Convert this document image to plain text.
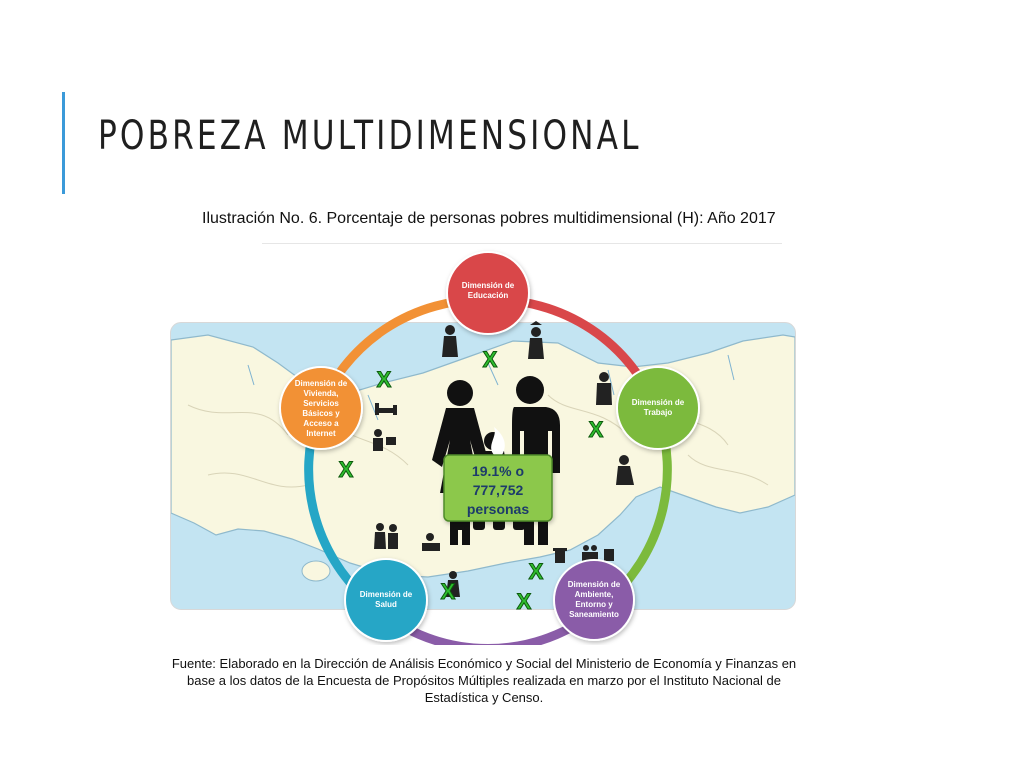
POBREZA MULTIDIMENSIONAL

Ilustración No. 6. Porcentaje de personas pobres multidimensional (H): Año 2017

19.1% o
777,752
personas
X
X
X
X
X
X	X
Dimensión de
Educación
Dimensión de
Trabajo
Dimensión de
Ambiente,
Entorno y
Saneamiento
Dimensión de
Salud
Dimensión de
Vivienda,
Servicios
Básicos y
Acceso a
Internet

Fuente: Elaborado en la Dirección de Análisis Económico y Social del Ministerio de Economía y Finanzas en base a los datos de la Encuesta de Propósitos Múltiples realizada en marzo por el Instituto Nacional de Estadística y Censo.
